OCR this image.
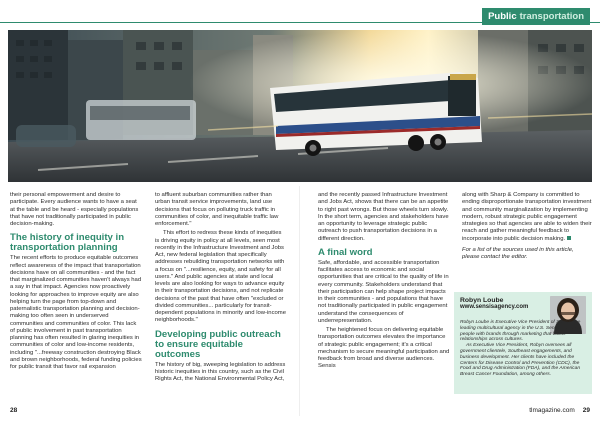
Public transportation

their personal empowerment and desire to participate. Every audience wants to have a seat at the table and be heard - especially populations that have not traditionally participated in public decision-making.

The history of inequity in transportation planning

The recent efforts to produce equitable outcomes reflect awareness of the impact that transportation decisions have on all communities - and the fact that marginalized communities haven't always had a say in that impact. Agencies now proactively looking for approaches to improve equity are also helping turn the page from top-down and paternalistic transportation planning and decision-making too often seen in underserved communities and communities of color. This lack of public involvement in past transportation planning has often resulted in glaring inequities in communities of color and low-income residents, including "...freeway construction destroying Black and brown neighborhoods, federal funding policies for public transit that favor rail expansion

to affluent suburban communities rather than urban transit service improvements, land use decisions that focus on polluting truck traffic in communities of color, and inequitable traffic law enforcement."

This effort to redress these kinds of inequities is driving equity in policy at all levels, seen most recently in the Infrastructure Investment and Jobs Act, new federal legislation that specifically addresses rebuilding transportation networks with a focus on "...resilience, equity, and safety for all users." And public agencies at state and local levels are also looking for ways to advance equity in their transportation decisions, and not replicate decisions of the past that have often "excluded or divided communities... particularly for transit-dependent populations in minority and low-income neighborhoods."

Developing public outreach to ensure equitable outcomes

The history of big, sweeping legislation to address historic inequities in this country, such as the Civil Rights Act, the National Environmental Policy Act,

and the recently passed Infrastructure Investment and Jobs Act, shows that there can be an appetite to right past wrongs. But those wheels turn slowly. In the short term, agencies and stakeholders have an opportunity to leverage strategic public outreach to push transportation decisions in a different direction.

A final word

Safe, affordable, and accessible transportation facilitates access to economic and social opportunities that are critical to the quality of life in every community. Stakeholders understand that their participation can help shape project impacts in their communities - and populations that have not traditionally participated in public engagement understand the consequences of underrepresentation.

The heightened focus on delivering equitable transportation outcomes elevates the importance of strategic public engagement; it's a critical mechanism to secure meaningful participation and feedback from broad and diverse audiences. Sensis

along with Sharp & Company is committed to ending disproportionate transportation investment and community marginalization by implementing modern, robust strategic public engagement strategies so that agencies are able to widen their reach and gather meaningful feedback to incorporate into public decision making.

For a list of the sources used in this article, please contact the editor.

Robyn Loube
www.sensisagency.com
Robyn Loube is Executive Vice President of Sensis, the leading multicultural agency in the U.S. Sensis connects people with brands through marketing that builds relationships across cultures.
As Executive Vice President, Robyn oversees all government clientele, Southeast engagements, and business development. Her clients have included the Centers for Disease Control and Prevention (CDC), the Food and Drug Administration (FDA), and the American Breast Cancer Foundation, among others.
28	tlmagazine.com 29
